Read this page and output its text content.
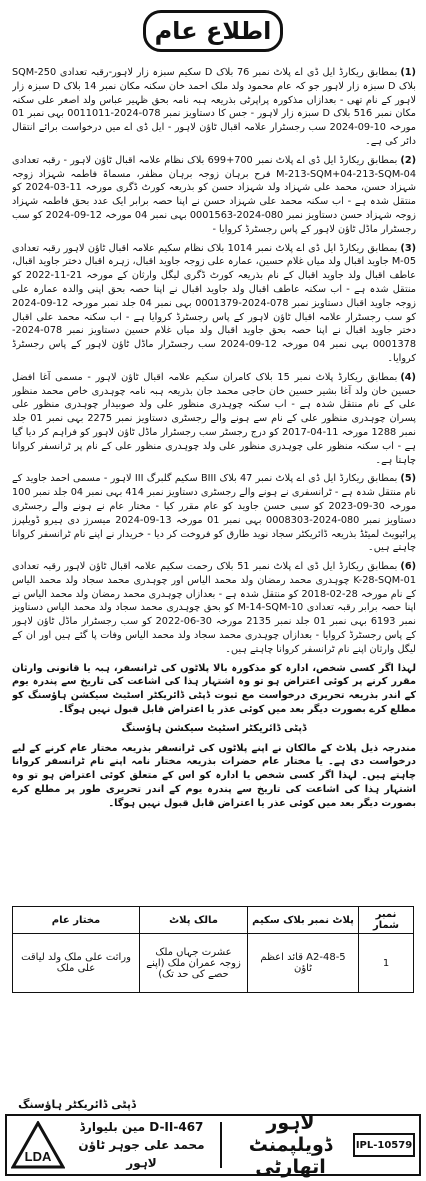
اطلاع عام

(1)بمطابق ریکارڈ ایل ڈی اے پلاٹ نمبر 76 بلاک D سکیم سبزہ زار لاہور-رقبہ تعدادی 250-SQM بلاک D سبزہ زار لاہور جو کہ عام محمود ولد ملک احمد خان سکنہ مکان نمبر 14 بلاک D سبزہ زار لاہور کے نام تھی - بعدازاں مذکورہ پراپرٹی بذریعہ ہبہ نامہ بحق ظہیر عباس ولد اصغر علی سکنہ مکان نمبر 516 بلاک D سبزہ زار لاہور - جس کا دستاویز نمبر 078-2024-0011011 بہی نمبر 01 مورخہ 10-09-2024 سب رجسٹرار علامہ اقبال ٹاؤن لاہور - ایل ڈی اے میں درخواست برائے انتقال دائر کی ہے۔

(2)بمطابق ریکارڈ ایل ڈی اے پلاٹ نمبر 700+699 بلاک نظام علامہ اقبال ٹاؤن لاہور - رقبہ تعدادی 04-M-213-SQM+04-213-SQM فرح برہان زوجہ برہان مظفر، مسماۃ فاطمہ شہزاد زوجہ شہزاد حسن، محمد علی شہزاد ولد شہزاد حسن کو بذریعہ کورٹ ڈگری مورخہ 11-03-2024 کو منتقل شدہ ہے - اب سکنہ محمد علی شہزاد حسن نے اپنا حصہ برابر ایک عدد بحق فاطمہ شہزاد زوجہ شہزاد حسن دستاویز نمبر 080-2024-0001563 بہی نمبر 04 مورخہ 12-09-2024 کو سب رجسٹرار ماڈل ٹاؤن لاہور کے پاس رجسٹرڈ کروایا -

(3)بمطابق ریکارڈ ایل ڈی اے پلاٹ نمبر 1014 بلاک نظام سکیم علامہ اقبال ٹاؤن لاہور رقبہ تعدادی 05-M جاوید اقبال ولد میاں غلام حسین، عمارہ علی زوجہ جاوید اقبال، زہرہ اقبال دختر جاوید اقبال، عاطف اقبال ولد جاوید اقبال کے نام بذریعہ کورٹ ڈگری لیگل وارثان کے مورخہ 21-11-2022 کو منتقل شدہ ہے - اب سکنہ عاطف اقبال ولد جاوید اقبال نے اپنا حصہ بحق اپنی والدہ عمارہ علی زوجہ جاوید اقبال دستاویز نمبر 078-2024-0001379 بہی نمبر 04 جلد نمبر مورخہ 12-09-2024 کو سب رجسٹرار علامہ اقبال ٹاؤن لاہور کے پاس رجسٹرڈ کروایا ہے - اب سکنہ محمد علی اقبال دختر جاوید اقبال نے اپنا حصہ بحق جاوید اقبال ولد میاں غلام حسین دستاویز نمبر 078-2024-0001378 بہی نمبر 04 مورخہ 12-09-2024 سب رجسٹرار ماڈل ٹاؤن لاہور کے پاس رجسٹرڈ کروایا۔

(4)بمطابق ریکارڈ پلاٹ نمبر 15 بلاک کامران سکیم علامہ اقبال ٹاؤن لاہور - مسمی آغا افضل حسین خان ولد آغا بشیر حسین خان حاجی محمد جان بذریعہ ہبہ نامہ چوہدری خاص محمد منظور علی کے نام منتقل شدہ ہے - اب سکنہ چوہدری منظور علی ولد صوبیدار چوہدری منظور علی پسران چوہدری منظور علی کے نام سے ہونے والے رجسٹری دستاویز نمبر 2275 بہی نمبر 01 جلد نمبر 1288 مورخہ 11-04-2017 کو درج رجسٹر سب رجسٹرار ماڈل ٹاؤن لاہور کو فراہم کر دیا گیا ہے - اب سکنہ منظور علی چوہدری منظور علی ولد چوہدری منظور علی کے نام پر ٹرانسفر کروانا چاہتا ہے۔

(5)بمطابق ریکارڈ ایل ڈی اے پلاٹ نمبر 47 بلاک BIII سکیم گلبرگ III لاہور - مسمی احمد جاوید کے نام منتقل شدہ ہے - ٹرانسفری نے ہونے والے رجسٹری دستاویز نمبر 414 بہی نمبر 04 جلد نمبر 100 مورخہ 30-09-2023 کو سبی حسن جاوید کو عام مقرر کیا - مختار عام نے ہونے والے رجسٹری دستاویز نمبر 080-2024-0008303 بہی نمبر 01 مورخہ 13-09-2024 میسرز دی ہیرو ڈویلپرز پرائیویٹ لمیٹڈ بذریعہ ڈائریکٹر سجاد نوید طارق کو فروخت کر دیا - خریدار نے اپنے نام ٹرانسفر کروانا چاہتے ہیں۔

(6)بمطابق ریکارڈ ایل ڈی اے پلاٹ نمبر 51 بلاک رحمت سکیم علامہ اقبال ٹاؤن لاہور رقبہ تعدادی 01-K-28-SQM چوہدری محمد رمضان ولد محمد الیاس اور چوہدری محمد سجاد ولد محمد الیاس کے نام مورخہ 28-02-2018 کو منتقل شدہ ہے - بعدازاں چوہدری محمد رمضان ولد محمد الیاس نے اپنا حصہ برابر رقبہ تعدادی 10-M-14-SQM کو بحق چوہدری محمد سجاد ولد محمد الیاس دستاویز نمبر 6193 بہی نمبر 01 جلد نمبر 2135 مورخہ 30-06-2022 کو سب رجسٹرار ماڈل ٹاؤن لاہور کے پاس رجسٹرڈ کروایا - بعدازاں چوہدری محمد سجاد ولد محمد الیاس وفات پا گئے ہیں اور ان کے لیگل وارثان اپنے نام ٹرانسفر کروانا چاہتے ہیں۔

لہذا اگر کسی شخص، ادارہ کو مذکورہ بالا پلاٹوں کی ٹرانسفر، ہبہ یا قانونی وارثان مقرر کرنے پر کوئی اعتراض ہو تو وہ اشتہار ہذا کی اشاعت کی تاریخ سے پندرہ یوم کے اندر بذریعہ تحریری درخواست مع ثبوت ڈپٹی ڈائریکٹر اسٹیٹ سیکشن ہاؤسنگ کو مطلع کرے بصورت دیگر بعد میں کوئی عذر یا اعتراض قابل قبول نہیں ہوگا۔

ڈپٹی ڈائریکٹر اسٹیٹ سیکشن ہاؤسنگ

مندرجہ ذیل پلاٹ کے مالکان نے اپنے پلاٹوں کی ٹرانسفر بذریعہ مختار عام کرنے کے لیے درخواست دی ہے۔ یا مختار عام حضرات بذریعہ مختار نامہ اپنے نام ٹرانسفر کروانا چاہتے ہیں۔ لہذا اگر کسی شخص یا ادارہ کو اس کے متعلق کوئی اعتراض ہو تو وہ اشتہار ہذا کی اشاعت کی تاریخ سے پندرہ یوم کے اندر تحریری طور پر مطلع کرے بصورت دیگر بعد میں کوئی عذر یا اعتراض قابل قبول نہیں ہوگا۔

نمبر شمار	پلاٹ نمبر بلاک سکیم	مالک پلاٹ	مختار عام
1	48-5-A2 قائد اعظم ٹاؤن	عشرت جہاں ملک زوجہ عمران ملک (اپنے حصے کی حد تک)	وراثت علی ملک ولد لیاقت علی ملک
ڈپٹی ڈائریکٹر ہاؤسنگ
LDA
467-D-II مین بلیوارڈ
محمد علی جوہر ٹاؤن لاہور
لاہور ڈویلپمنٹ اتھارٹی
IPL-10579
